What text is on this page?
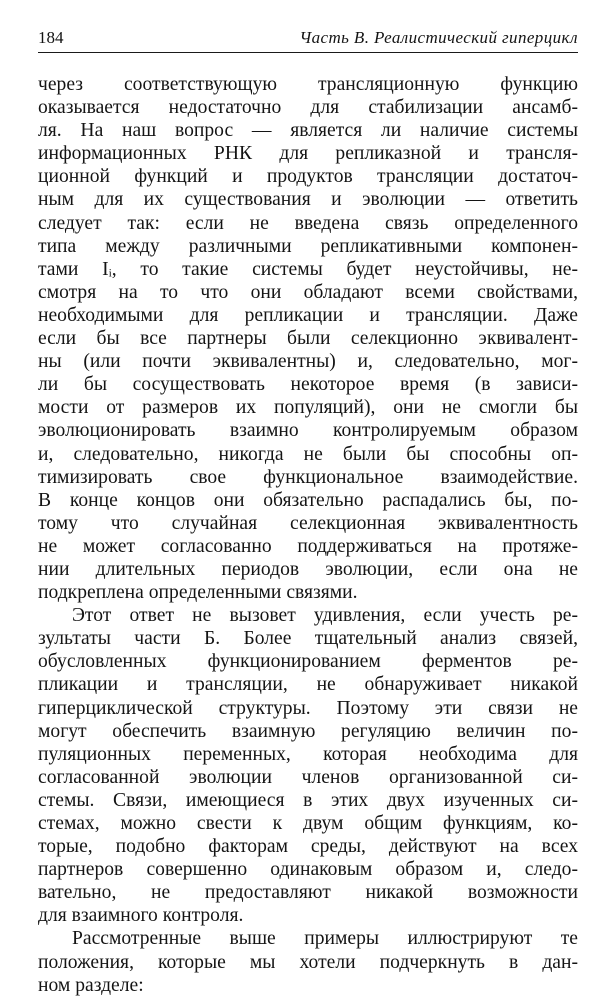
184	Часть В. Реалистический гиперцикл
через соответствующую трансляционную функцию
оказывается недостаточно для стабилизации ансамб-
ля. На наш вопрос — является ли наличие системы
информационных РНК для репликазной и трансля-
ционной функций и продуктов трансляции достаточ-
ным для их существования и эволюции — ответить
следует так: если не введена связь определенного
типа между различными репликативными компонен-
тами Iᵢ, то такие системы будет неустойчивы, не-
смотря на то что они обладают всеми свойствами,
необходимыми для репликации и трансляции. Даже
если бы все партнеры были селекционно эквивалент-
ны (или почти эквивалентны) и, следовательно, мог-
ли бы сосуществовать некоторое время (в зависи-
мости от размеров их популяций), они не смогли бы
эволюционировать взаимно контролируемым образом
и, следовательно, никогда не были бы способны оп-
тимизировать свое функциональное взаимодействие.
В конце концов они обязательно распадались бы, по-
тому что случайная селекционная эквивалентность
не может согласованно поддерживаться на протяже-
нии длительных периодов эволюции, если она не
подкреплена определенными связями.
Этот ответ не вызовет удивления, если учесть ре-
зультаты части Б. Более тщательный анализ связей,
обусловленных функционированием ферментов ре-
пликации и трансляции, не обнаруживает никакой
гиперциклической структуры. Поэтому эти связи не
могут обеспечить взаимную регуляцию величин по-
пуляционных переменных, которая необходима для
согласованной эволюции членов организованной си-
стемы. Связи, имеющиеся в этих двух изученных си-
стемах, можно свести к двум общим функциям, ко-
торые, подобно факторам среды, действуют на всех
партнеров совершенно одинаковым образом и, следо-
вательно, не предоставляют никакой возможности
для взаимного контроля.
Рассмотренные выше примеры иллюстрируют те
положения, которые мы хотели подчеркнуть в дан-
ном разделе:
